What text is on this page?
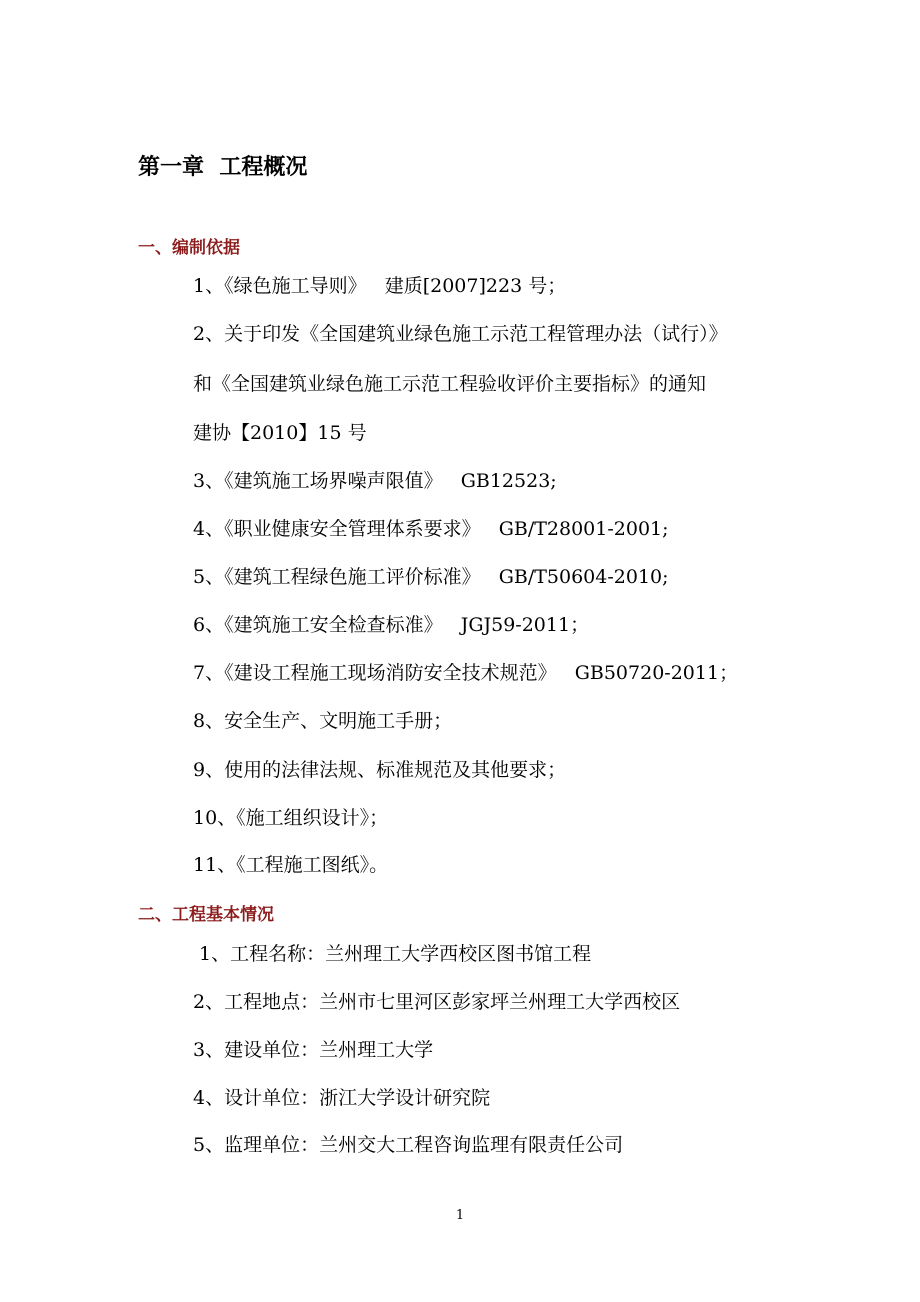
第一章  工程概况
一、编制依据

1、《绿色施工导则》   建质[2007]223 号；

2、关于印发《全国建筑业绿色施工示范工程管理办法（试行）》

和《全国建筑业绿色施工示范工程验收评价主要指标》的通知

建协【2010】15 号

3、《建筑施工场界噪声限值》   GB12523;

4、《职业健康安全管理体系要求》   GB/T28001-2001;

5、《建筑工程绿色施工评价标准》   GB/T50604-2010;

6、《建筑施工安全检查标准》   JGJ59-2011；

7、《建设工程施工现场消防安全技术规范》   GB50720-2011；

8、安全生产、文明施工手册；

9、使用的法律法规、标准规范及其他要求；

10、《施工组织设计》；

11、《工程施工图纸》。

二、工程基本情况

1、工程名称：兰州理工大学西校区图书馆工程

2、工程地点：兰州市七里河区彭家坪兰州理工大学西校区

3、建设单位：兰州理工大学

4、设计单位：浙江大学设计研究院

5、监理单位：兰州交大工程咨询监理有限责任公司

1
